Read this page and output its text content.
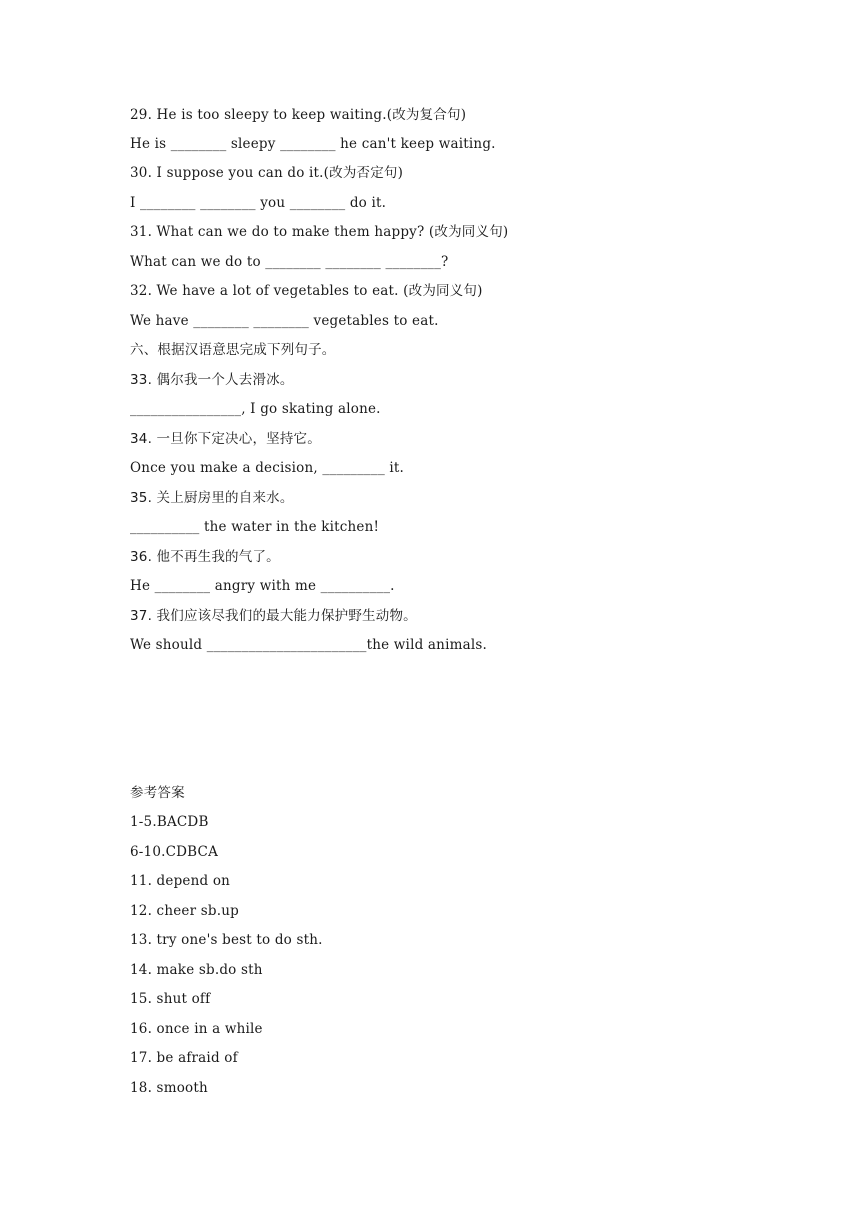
29. He is too sleepy to keep waiting.(改为复合句)
He is ________ sleepy ________ he can't keep waiting.
30. I suppose you can do it.(改为否定句)
I ________ ________ you ________ do it.
31. What can we do to make them happy? (改为同义句)
What can we do to ________ ________ ________?
32. We have a lot of vegetables to eat. (改为同义句)
We have ________ ________ vegetables to eat.
六、根据汉语意思完成下列句子。
33. 偶尔我一个人去滑冰。
________________, I go skating alone.
34. 一旦你下定决心，坚持它。
Once you make a decision, _________ it.
35. 关上厨房里的自来水。
__________ the water in the kitchen!
36. 他不再生我的气了。
He ________ angry with me __________.
37. 我们应该尽我们的最大能力保护野生动物。
We should _______________________the wild animals.
参考答案
1-5.BACDB
6-10.CDBCA
11. depend on
12. cheer sb.up
13. try one's best to do sth.
14. make sb.do sth
15. shut off
16. once in a while
17. be afraid of
18. smooth
